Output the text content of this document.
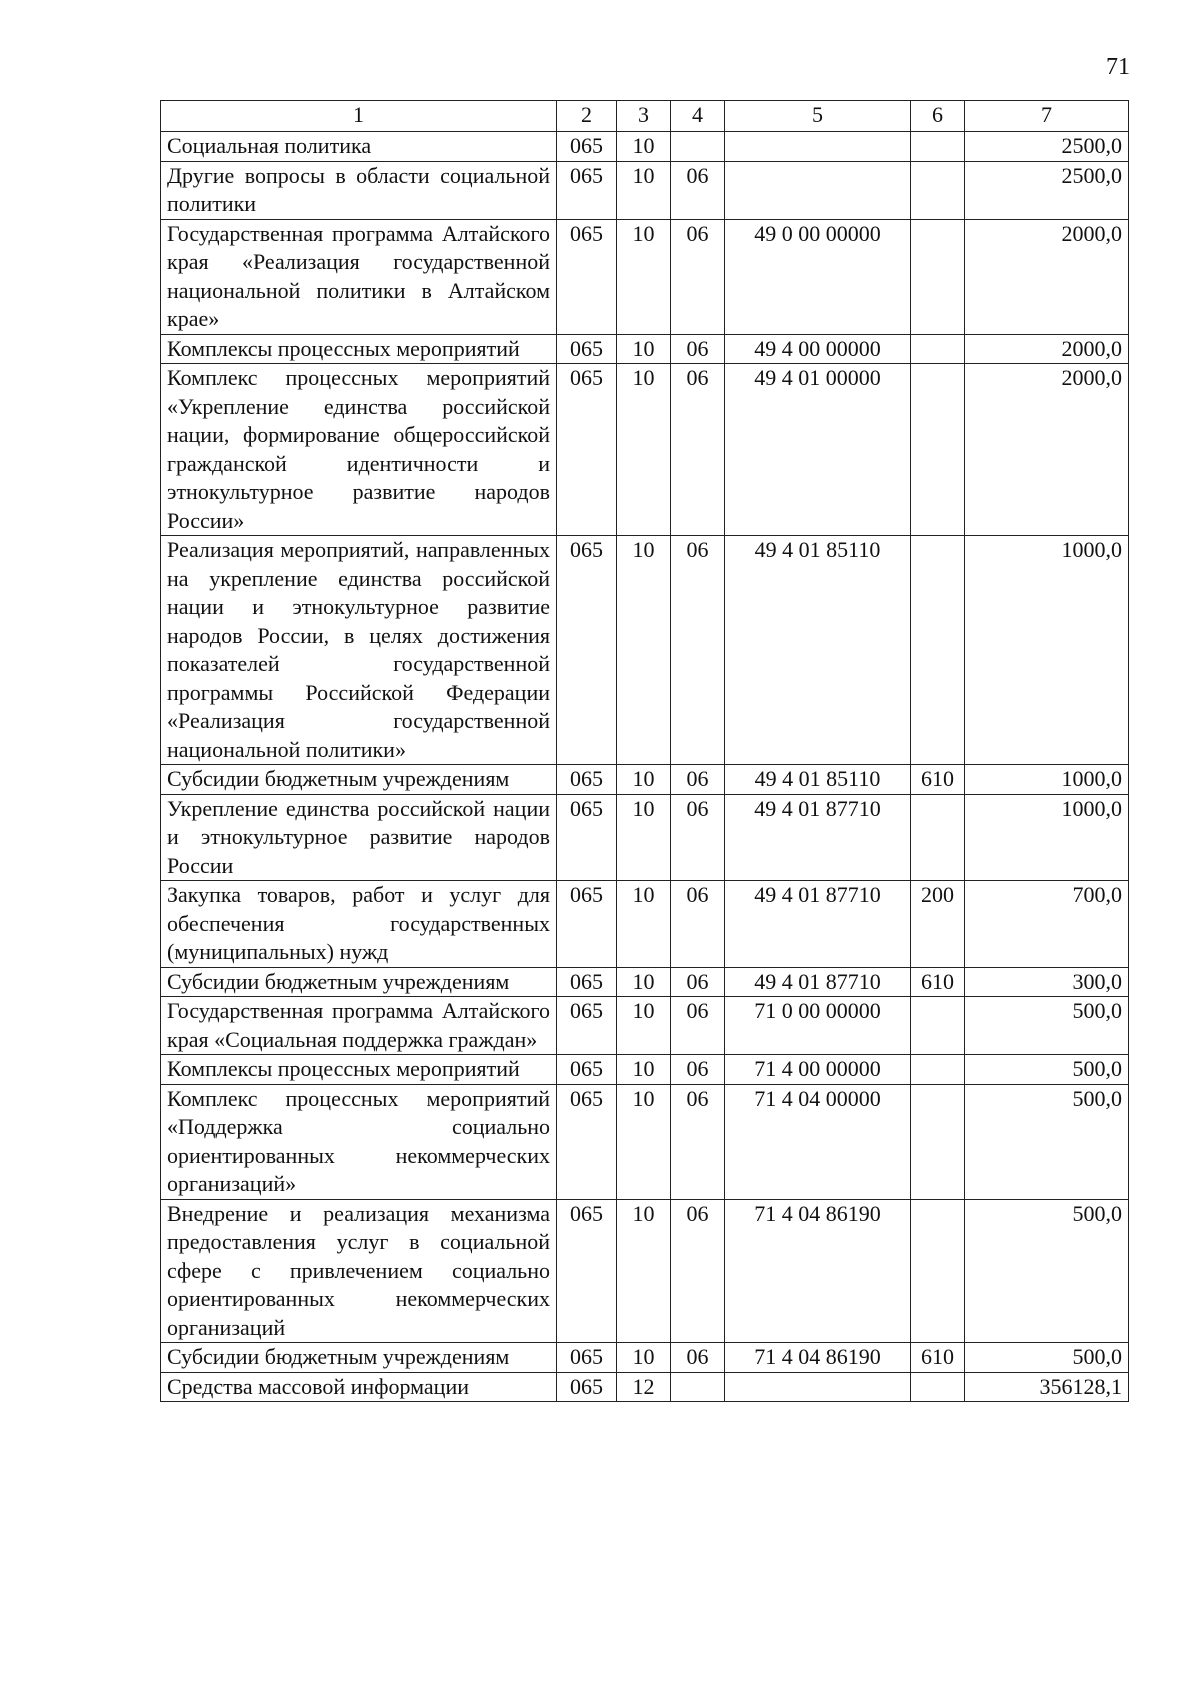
71
1	2	3	4	5	6	7
Социальная политика	065	10				2500,0
Другие вопросы в области социальной политики	065	10	06			2500,0
Государственная программа Алтайского края «Реализация государственной национальной политики в Алтайском крае»	065	10	06	49 0 00 00000		2000,0
Комплексы процессных мероприятий	065	10	06	49 4 00 00000		2000,0
Комплекс процессных мероприятий «Укрепление единства российской нации, формирование общероссийской гражданской идентичности и этнокультурное развитие народов России»	065	10	06	49 4 01 00000		2000,0
Реализация мероприятий, направленных на укрепление единства российской нации и этнокультурное развитие народов России, в целях достижения показателей государственной программы Российской Федерации «Реализация государственной национальной политики»	065	10	06	49 4 01 85110		1000,0
Субсидии бюджетным учреждениям	065	10	06	49 4 01 85110	610	1000,0
Укрепление единства российской нации и этнокультурное развитие народов России	065	10	06	49 4 01 87710		1000,0
Закупка товаров, работ и услуг для обеспечения государственных (муниципальных) нужд	065	10	06	49 4 01 87710	200	700,0
Субсидии бюджетным учреждениям	065	10	06	49 4 01 87710	610	300,0
Государственная программа Алтайского края «Социальная поддержка граждан»	065	10	06	71 0 00 00000		500,0
Комплексы процессных мероприятий	065	10	06	71 4 00 00000		500,0
Комплекс процессных мероприятий «Поддержка социально ориентированных некоммерческих организаций»	065	10	06	71 4 04 00000		500,0
Внедрение и реализация механизма предоставления услуг в социальной сфере с привлечением социально ориентированных некоммерческих организаций	065	10	06	71 4 04 86190		500,0
Субсидии бюджетным учреждениям	065	10	06	71 4 04 86190	610	500,0
Средства массовой информации	065	12				356128,1
